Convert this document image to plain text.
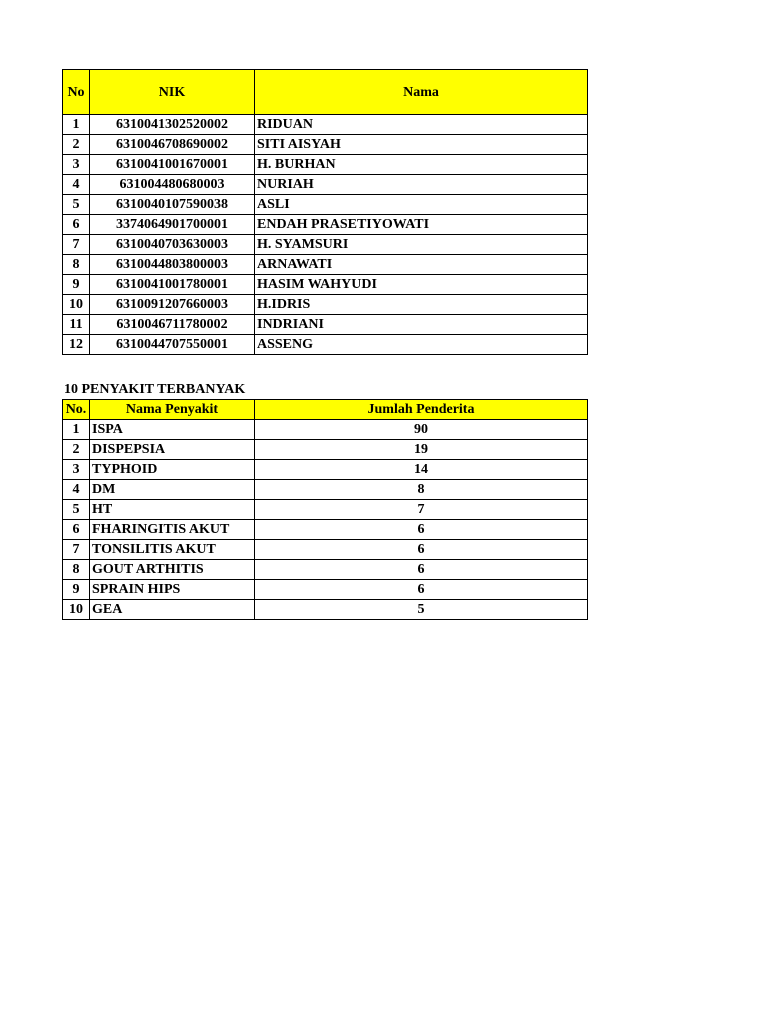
No	NIK	Nama
1	6310041302520002	RIDUAN
2	6310046708690002	SITI AISYAH
3	6310041001670001	H. BURHAN
4	631004480680003	NURIAH
5	6310040107590038	ASLI
6	3374064901700001	ENDAH PRASETIYOWATI
7	6310040703630003	H. SYAMSURI
8	6310044803800003	ARNAWATI
9	6310041001780001	HASIM WAHYUDI
10	6310091207660003	H.IDRIS
11	6310046711780002	INDRIANI
12	6310044707550001	ASSENG
10 PENYAKIT TERBANYAK
No.	Nama Penyakit	Jumlah Penderita
1	ISPA	90
2	DISPEPSIA	19
3	TYPHOID	14
4	DM	8
5	HT	7
6	FHARINGITIS AKUT	6
7	TONSILITIS AKUT	6
8	GOUT ARTHITIS	6
9	SPRAIN HIPS	6
10	GEA	5
